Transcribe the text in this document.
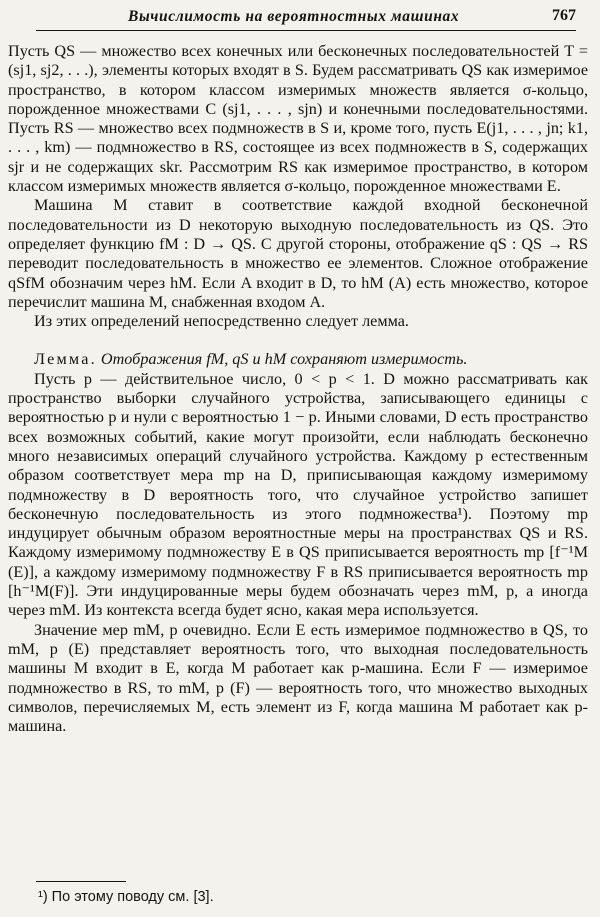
Вычислимость на вероятностных машинах	767

Пусть QS — множество всех конечных или бесконечных последовательностей T = (sj1, sj2, . . .), элементы которых входят в S. Будем рассматривать QS как измеримое пространство, в котором классом измеримых множеств является σ-кольцо, порожденное множествами C (sj1, . . . , sjn) и конечными последовательностями. Пусть RS — множество всех подмножеств в S и, кроме того, пусть E(j1, . . . , jn; k1, . . . , km) — подмножество в RS, состоящее из всех подмножеств в S, содержащих sjr и не содержащих skr. Рассмотрим RS как измеримое пространство, в котором классом измеримых множеств является σ-кольцо, порожденное множествами E.

Машина M ставит в соответствие каждой входной бесконечной последовательности из D некоторую выходную последовательность из QS. Это определяет функцию fM : D → QS. С другой стороны, отображение qS : QS → RS переводит последовательность в множество ее элементов. Сложное отображение qSfM обозначим через hM. Если A входит в D, то hM (A) есть множество, которое перечислит машина M, снабженная входом A.

Из этих определений непосредственно следует лемма.

Лемма. Отображения fM, qS и hM сохраняют измеримость.

Пусть p — действительное число, 0 < p < 1. D можно рассматривать как пространство выборки случайного устройства, записывающего единицы с вероятностью p и нули с вероятностью 1 − p. Иными словами, D есть пространство всех возможных событий, какие могут произойти, если наблюдать бесконечно много независимых операций случайного устройства. Каждому p естественным образом соответствует мера mp на D, приписывающая каждому измеримому подмножеству в D вероятность того, что случайное устройство запишет бесконечную последовательность из этого подмножества¹). Поэтому mp индуцирует обычным образом вероятностные меры на пространствах QS и RS. Каждому измеримому подмножеству E в QS приписывается вероятность mp [f⁻¹M (E)], а каждому измеримому подмножеству F в RS приписывается вероятность mp [h⁻¹M(F)]. Эти индуцированные меры будем обозначать через mM, p, а иногда через mM. Из контекста всегда будет ясно, какая мера используется.

Значение мер mM, p очевидно. Если E есть измеримое подмножество в QS, то mM, p (E) представляет вероятность того, что выходная последовательность машины M входит в E, когда M работает как p-машина. Если F — измеримое подмножество в RS, то mM, p (F) — вероятность того, что множество выходных символов, перечисляемых M, есть элемент из F, когда машина M работает как p-машина.

¹) По этому поводу см. [3].
